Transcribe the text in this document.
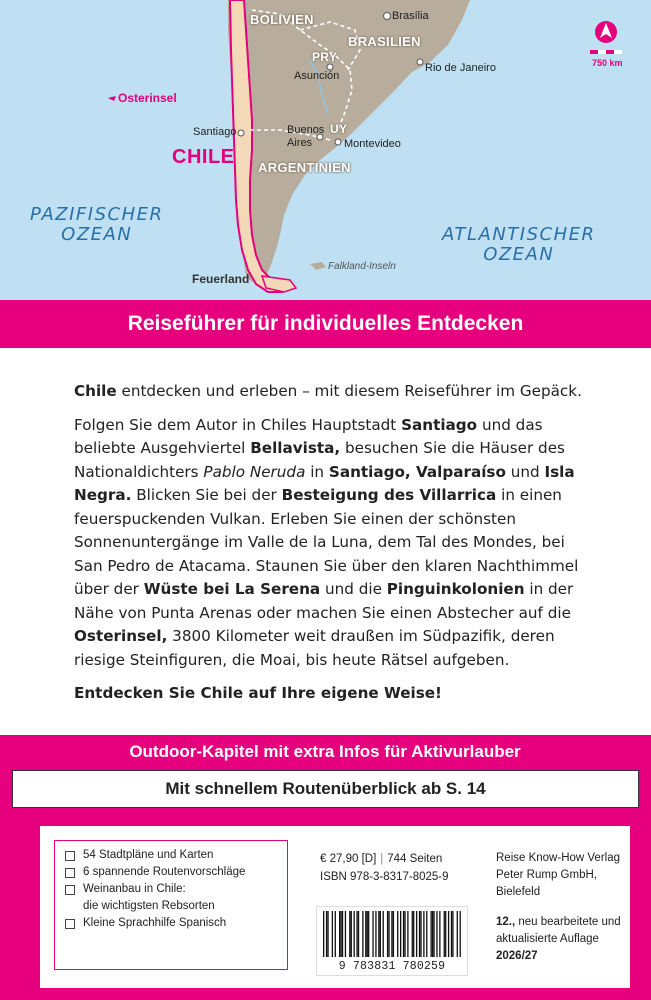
BOLIVIEN	Brasília
BRASILIEN
PRY
Asunción
Rio de Janeiro
Osterinsel
Santiago	Buenos
Aires
UY
Montevideo
CHILE ARGENTINIEN
PAZIFISCHER
OZEAN	ATLANTISCHER
OZEAN
Falkland-Inseln
Feuerland
750 km
Reiseführer für individuelles Entdecken

Chile entdecken und erleben – mit diesem Reiseführer im Gepäck.

Folgen Sie dem Autor in Chiles Hauptstadt Santiago und das beliebte Ausgehviertel Bellavista, besuchen Sie die Häuser des Nationaldichters Pablo Neruda in Santiago, Valparaíso und Isla Negra. Blicken Sie bei der Besteigung des Villarrica in einen feuerspuckenden Vulkan. Erleben Sie einen der schönsten Sonnenuntergänge im Valle de la Luna, dem Tal des Mondes, bei San Pedro de Atacama. Staunen Sie über den klaren Nachthimmel über der Wüste bei La Serena und die Pinguinkolonien in der Nähe von Punta Arenas oder machen Sie einen Abstecher auf die Osterinsel, 3800 Kilometer weit draußen im Südpazifik, deren riesige Steinfiguren, die Moai, bis heute Rätsel aufgeben.

Entdecken Sie Chile auf Ihre eigene Weise!

Outdoor-Kapitel mit extra Infos für Aktivurlauber
Mit schnellem Routenüberblick ab S. 14
54 Stadtpläne und Karten
6 spannende Routenvorschläge
Weinanbau in Chile:
die wichtigsten Rebsorten
Kleine Sprachhilfe Spanisch
€ 27,90 [D] | 744 Seiten
ISBN 978-3-8317-8025-9
9 783831 780259
Reise Know-How Verlag
Peter Rump GmbH, Bielefeld
12., neu bearbeitete und aktualisierte Auflage 2026/27
